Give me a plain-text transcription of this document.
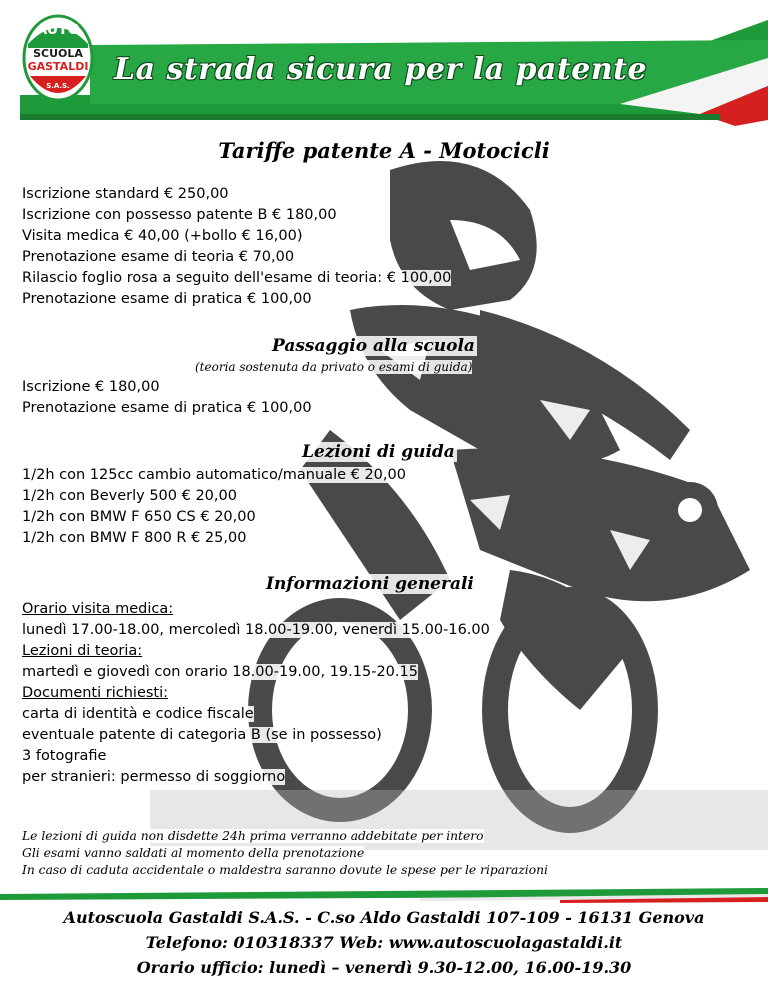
AUTO
SCUOLA
GASTALDI
S.A.S.	La strada sicura per la patente
Tariffe patente A - Motocicli
Iscrizione standard € 250,00
Iscrizione con possesso patente B € 180,00
Visita medica € 40,00 (+bollo € 16,00)
Prenotazione esame di teoria € 70,00
Rilascio foglio rosa a seguito dell'esame di teoria: € 100,00
Prenotazione esame di pratica € 100,00
Passaggio alla scuola
(teoria sostenuta da privato o esami di guida)
Iscrizione € 180,00
Prenotazione esame di pratica € 100,00
Lezioni di guida
1/2h con 125cc cambio automatico/manuale € 20,00
1/2h con Beverly 500 € 20,00
1/2h con BMW F 650 CS € 20,00
1/2h con BMW F 800 R € 25,00
Informazioni generali
Orario visita medica:
lunedì 17.00-18.00, mercoledì 18.00-19.00, venerdì 15.00-16.00
Lezioni di teoria:
martedì e giovedì con orario 18.00-19.00, 19.15-20.15
Documenti richiesti:
carta di identità e codice fiscale
eventuale patente di categoria B (se in possesso)
3 fotografie
per stranieri: permesso di soggiorno
Le lezioni di guida non disdette 24h prima verranno addebitate per intero
Gli esami vanno saldati al momento della prenotazione
In caso di caduta accidentale o maldestra saranno dovute le spese per le riparazioni
Autoscuola Gastaldi S.A.S. - C.so Aldo Gastaldi 107-109 - 16131 Genova
Telefono: 010318337 Web: www.autoscuolagastaldi.it
Orario ufficio: lunedì – venerdì 9.30-12.00, 16.00-19.30
